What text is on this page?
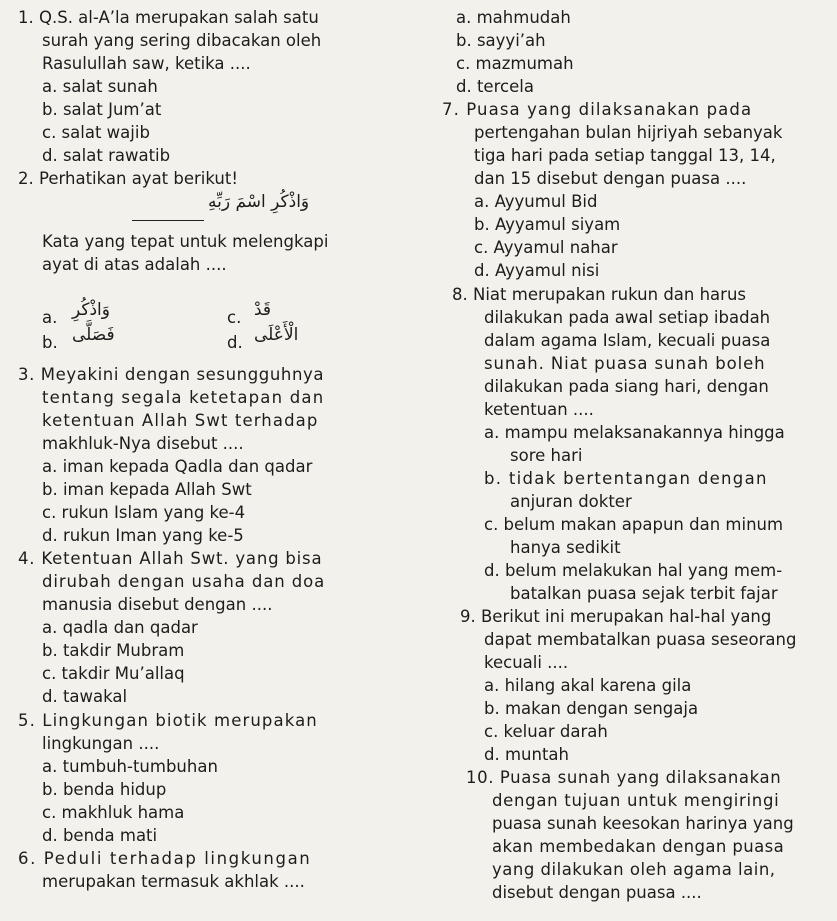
1. Q.S. al-A’la merupakan salah satu
surah yang sering dibacakan oleh
Rasulullah saw, ketika ....
a. salat sunah
b. salat Jum’at
c. salat wajib
d. salat rawatib
2. Perhatikan ayat berikut!
وَاذْكُرِ اسْمَ رَبِّهِ
Kata yang tepat untuk melengkapi
ayat di atas adalah ....
a. وَاذْكُرِ
b. فَصَلَّى
c. قَدْ
d. الْأَعْلَى
3. Meyakini dengan sesungguhnya
tentang segala ketetapan dan
ketentuan Allah Swt terhadap
makhluk-Nya disebut ....
a. iman kepada Qadla dan qadar
b. iman kepada Allah Swt
c. rukun Islam yang ke-4
d. rukun Iman yang ke-5
4. Ketentuan Allah Swt. yang bisa
dirubah dengan usaha dan doa
manusia disebut dengan ....
a. qadla dan qadar
b. takdir Mubram
c. takdir Mu’allaq
d. tawakal
5. Lingkungan biotik merupakan
lingkungan ....
a. tumbuh-tumbuhan
b. benda hidup
c. makhluk hama
d. benda mati
6. Peduli terhadap lingkungan
merupakan termasuk akhlak ....
a. mahmudah
b. sayyi’ah
c. mazmumah
d. tercela
7. Puasa yang dilaksanakan pada
pertengahan bulan hijriyah sebanyak
tiga hari pada setiap tanggal 13, 14,
dan 15 disebut dengan puasa ....
a. Ayyumul Bid
b. Ayyamul siyam
c. Ayyamul nahar
d. Ayyamul nisi
8. Niat merupakan rukun dan harus
dilakukan pada awal setiap ibadah
dalam agama Islam, kecuali puasa
sunah. Niat puasa sunah boleh
dilakukan pada siang hari, dengan
ketentuan ....
a. mampu melaksanakannya hingga
sore hari
b. tidak bertentangan dengan
anjuran dokter
c. belum makan apapun dan minum
hanya sedikit
d. belum melakukan hal yang mem-
batalkan puasa sejak terbit fajar
9. Berikut ini merupakan hal-hal yang
dapat membatalkan puasa seseorang
kecuali ....
a. hilang akal karena gila
b. makan dengan sengaja
c. keluar darah
d. muntah
10. Puasa sunah yang dilaksanakan
dengan tujuan untuk mengiringi
puasa sunah keesokan harinya yang
akan membedakan dengan puasa
yang dilakukan oleh agama lain,
disebut dengan puasa ....
